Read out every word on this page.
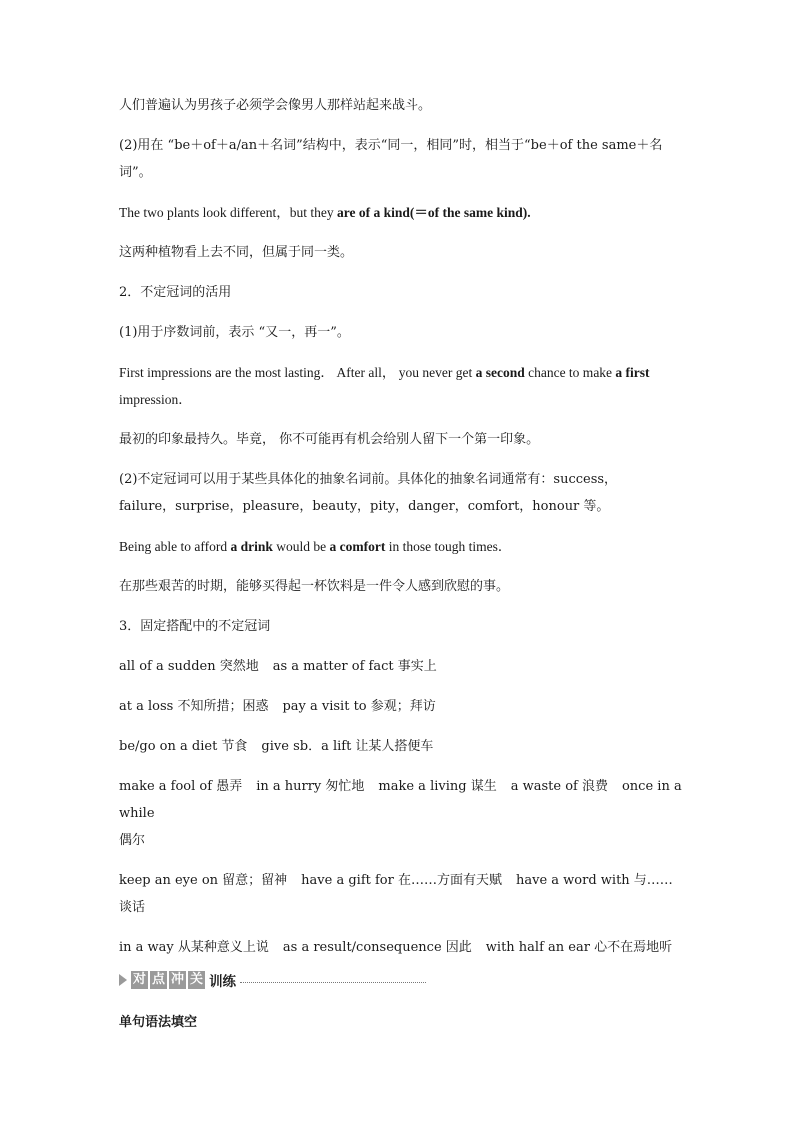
人们普遍认为男孩子必须学会像男人那样站起来战斗。

(2)用在 “be＋of＋a/an＋名词”结构中，表示“同一，相同”时，相当于“be＋of the same＋名

词”。

The two plants look different，but they are of a kind(＝of the same kind).

这两种植物看上去不同，但属于同一类。

2．不定冠词的活用

(1)用于序数词前，表示 “又一，再一”。

First impressions are the most lasting． After all， you never get a second chance to make a first

impression．

最初的印象最持久。毕竟， 你不可能再有机会给别人留下一个第一印象。

(2)不定冠词可以用于某些具体化的抽象名词前。具体化的抽象名词通常有：success，

failure，surprise，pleasure，beauty，pity，danger，comfort，honour 等。

Being able to afford a drink would be a comfort in those tough times．

在那些艰苦的时期，能够买得起一杯饮料是一件令人感到欣慰的事。

3．固定搭配中的不定冠词

all of a sudden 突然地 as a matter of fact 事实上

at a loss 不知所措；困惑 pay a visit to 参观；拜访

be/go on a diet 节食 give sb．a lift 让某人搭便车

make a fool of 愚弄 in a hurry 匆忙地 make a living 谋生 a waste of 浪费 once in a while

偶尔

keep an eye on 留意；留神 have a gift for 在……方面有天赋 have a word with 与……谈话

in a way 从某种意义上说 as a result/consequence 因此 with half an ear 心不在焉地听

对 点 冲 关 训练

单句语法填空
